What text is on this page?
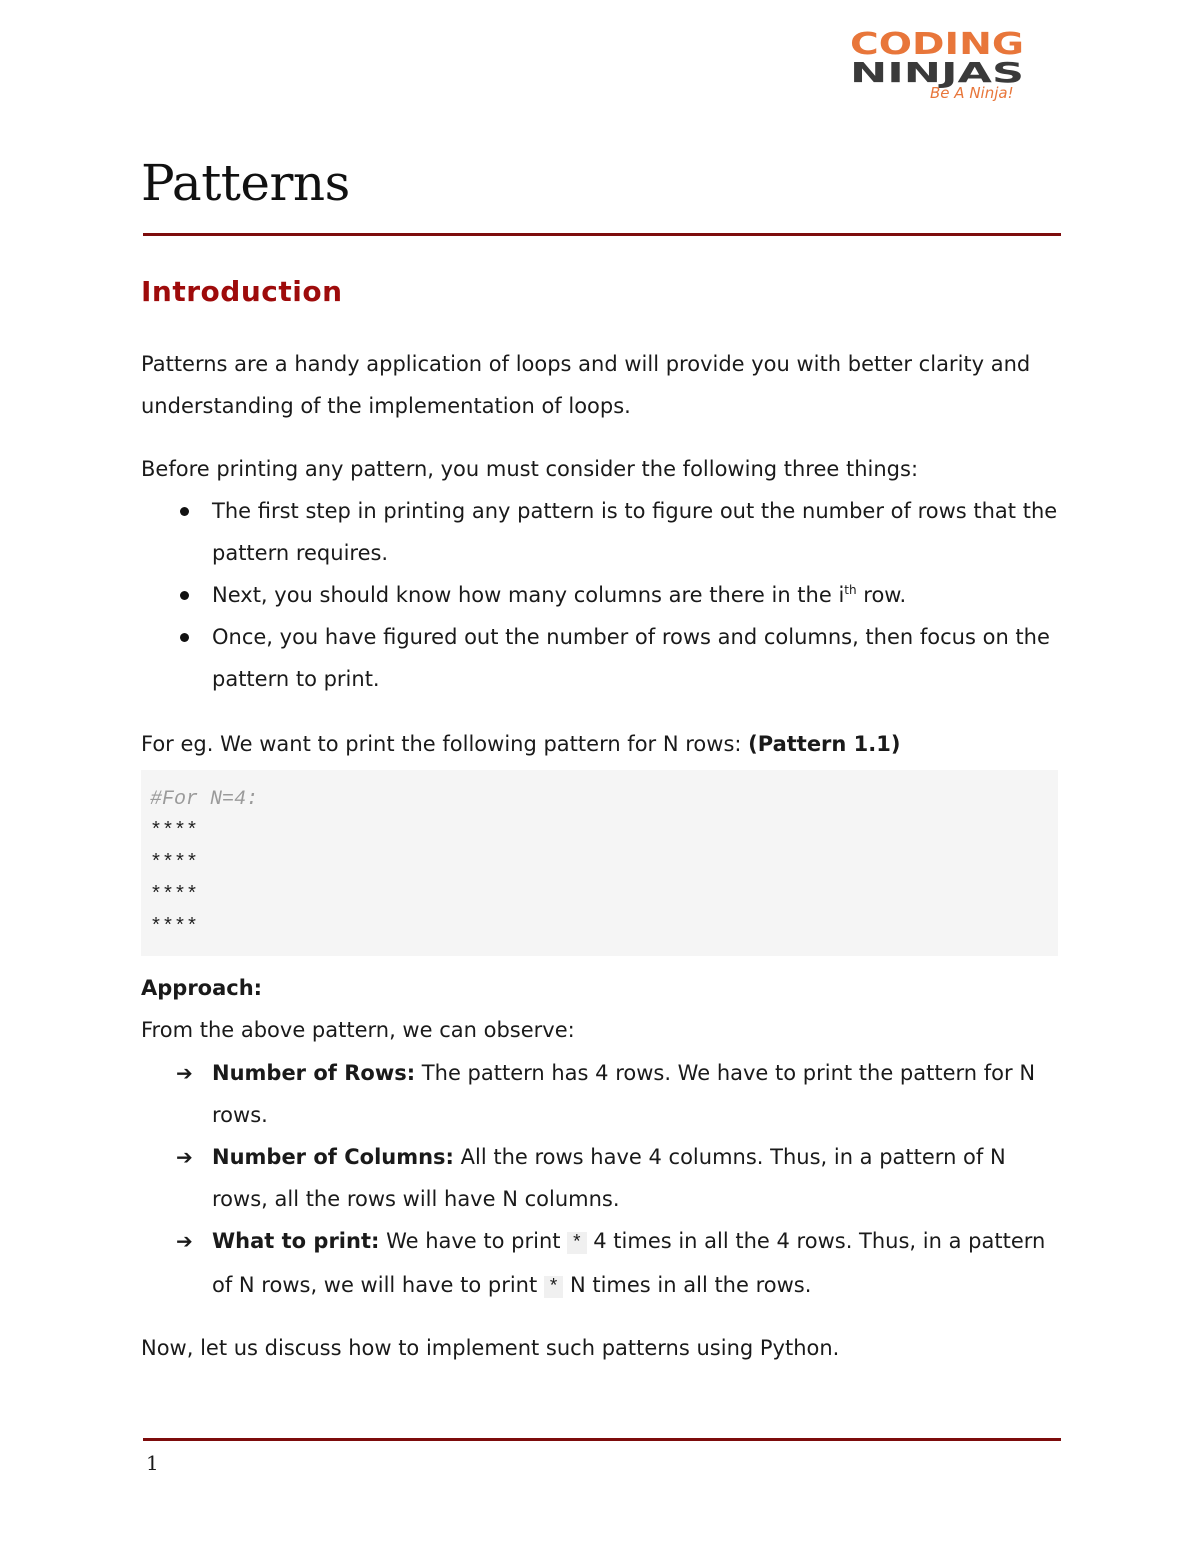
CODING
NINJAS
Be A Ninja!
Patterns
Introduction

Patterns are a handy application of loops and will provide you with better clarity and understanding of the implementation of loops.

Before printing any pattern, you must consider the following three things:

The first step in printing any pattern is to figure out the number of rows that the pattern requires.
Next, you should know how many columns are there in the $i^{th}$ row.
Once, you have figured out the number of rows and columns, then focus on the pattern to print.

For eg. We want to print the following pattern for N rows: (Pattern 1.1)

#For N=4:
****
****
****
****

Approach:

From the above pattern, we can observe:

➔ Number of Rows: The pattern has 4 rows. We have to print the pattern for N rows.
➔ Number of Columns: All the rows have 4 columns. Thus, in a pattern of N rows, all the rows will have N columns.
➔ What to print: We have to print * 4 times in all the 4 rows. Thus, in a pattern of N rows, we will have to print * N times in all the rows.

Now, let us discuss how to implement such patterns using Python.

1
